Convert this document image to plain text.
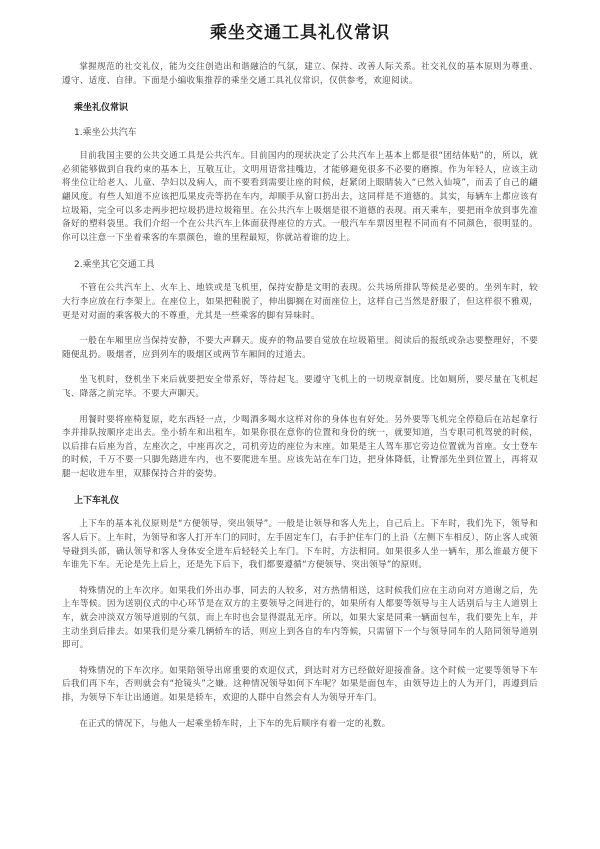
乘坐交通工具礼仪常识

掌握规范的社交礼仪，能为交往创造出和谐融洽的气氛，建立、保持、改善人际关系。社交礼仪的基本原则为尊重、遵守、适度、自律。下面是小编收集推荐的乘坐交通工具礼仪常识，仅供参考，欢迎阅读。

乘坐礼仪常识
1.乘坐公共汽车

目前我国主要的公共交通工具是公共汽车。目前国内的现状决定了公共汽车上基本上都是很“团结体贴”的，所以，就必须能够做到自我约束的基本上，互敬互让，文明用语常挂嘴边，才能够避免很多不必要的磨擦。作为年轻人，应该主动将坐位让给老人、儿童、孕妇以及病人，而不要看到需要让座的时候，赶紧闭上眼睛装入“已然入仙境”，而丢了自己的翩翩风度。有些人知道不应该把瓜果皮壳等扔在车内，却顺手从窗口扔出去，这同样是不道德的。其实，每辆车上都应该有垃圾箱，完全可以多走两步把垃圾扔进垃圾箱里。在公共汽车上吸烟是很不道德的表现。雨天乘车，要把雨伞放到事先准备好的塑料袋里。我们介绍一个在公共汽车上体面获得座位的方式。一般汽车车票因里程不同而有不同颜色，很明显的。你可以注意一下坐着乘客的车票颜色，谁的里程最短，你就站着谁的边上。

2.乘坐其它交通工具

不管在公共汽车上、火车上、地铁或是飞机里，保持安静是文明的表现。公共场所排队等候是必要的。坐列车时，较大行李应放在行李架上。在座位上，如果把鞋脱了，伸出脚搁在对面座位上，这样自己当然是舒服了，但这样很不雅观，更是对对面的乘客极大的不尊重，尤其是一些乘客的脚有异味时。

一般在车厢里应当保持安静，不要大声聊天。废弃的物品要自觉放在垃圾箱里。阅读后的报纸或杂志要整理好，不要随便乱扔。吸烟者，应到列车的吸烟区或两节车厢间的过道去。

坐飞机时，登机坐下来后就要把安全带系好，等待起飞。要遵守飞机上的一切规章制度。比如厕所，要尽量在飞机起飞、降落之前完毕。不要大声聊天。

用餐时要将座椅复原，吃东西轻一点，少喝酒多喝水这样对你的身体也有好处。另外要等飞机完全停稳后在站起拿行李并排队按顺序走出去。坐小轿车和出租车，如果你很在意你的位置和身份的统一，就要知道，当专职司机驾驶的时候，以后排右后座为首，左座次之，中座再次之，司机旁边的座位为末座。如果是主人驾车那它旁边位置就为首座。女士登车的时候，千万不要一只脚先踏进车内，也不要爬进车里。应该先站在车门边，把身体降低，让臀部先坐到位置上，再将双腿一起收进车里，双膝保持合并的姿势。

上下车礼仪

上下车的基本礼仪原则是“方便领导，突出领导”。一般是让领导和客人先上，自己后上。下车时，我们先下，领导和客人后下。上车时，为领导和客人打开车门的同时，左手固定车门，右手护住车门的上沿（左侧下车相反），防止客人或领导碰到头部，确认领导和客人身体安全进车后轻轻关上车门。下车时，方法相同。如果很多人坐一辆车，那么谁最方便下车谁先下车。无论是先上后上，还是先下后下，我们都要遵循“方便领导、突出领导”的原则。

特殊情况的上车次序。如果我们外出办事，同去的人较多，对方热情相送，这时候我们应在主动向对方道谢之后，先上车等候。因为送别仪式的中心环节是在双方的主要领导之间进行的，如果所有人都要等领导与主人话别后与主人道别上车，就会冲淡双方领导道别的气氛，而上车时也会显得混乱无序。所以，如果大家是同乘一辆面包车，我们要先上车，并主动坐到后排去。如果我们是分乘几辆轿车的话，则应上到各自的车内等候，只需留下一个与领导同车的人陪同领导道别即可。

特殊情况的下车次序。如果陪领导出席重要的欢迎仪式，到达时对方已经做好迎接准备。这个时候一定要等领导下车后我们再下车，否则就会有“抢镜头”之嫌。这种情况领导如何下车呢？如果是面包车，由领导边上的人为开门，再遵到后排，为领导下车让出通道。如果是轿车，欢迎的人群中自然会有人为领导开车门。

在正式的情况下，与他人一起乘坐轿车时，上下车的先后顺序有着一定的礼数。
